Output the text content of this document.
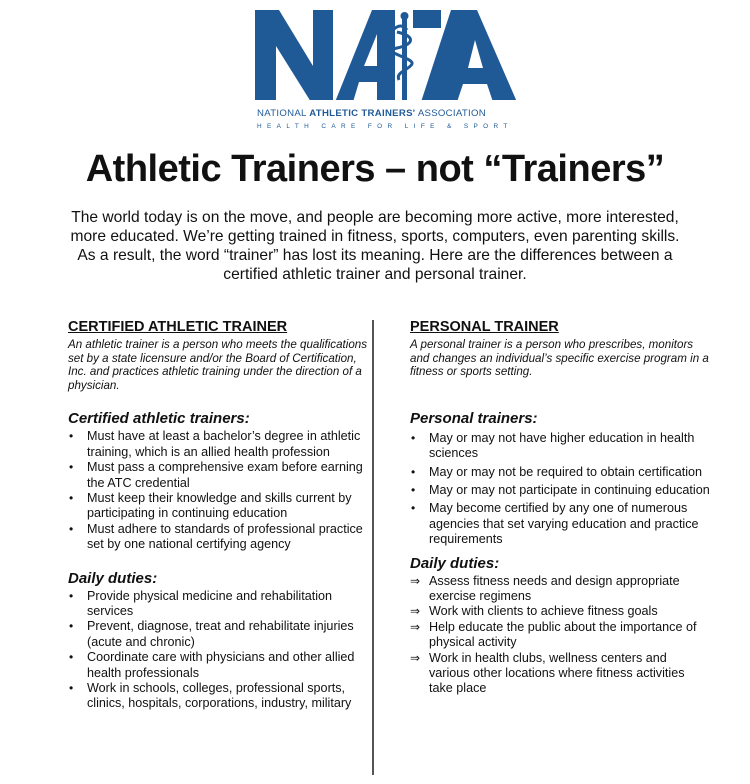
NATIONAL ATHLETIC TRAINERS' ASSOCIATION
HEALTH CARE FOR LIFE & SPORT
Athletic Trainers – not “Trainers”

The world today is on the move, and people are becoming more active, more interested, more educated. We’re getting trained in fitness, sports, computers, even parenting skills. As a result, the word “trainer” has lost its meaning. Here are the differences between a certified athletic trainer and personal trainer.

CERTIFIED ATHLETIC TRAINER

An athletic trainer is a person who meets the qualifications set by a state licensure and/or the Board of Certification, Inc. and practices athletic training under the direction of a physician.

Certified athletic trainers:
• Must have at least a bachelor’s degree in athletic training, which is an allied health profession
• Must pass a comprehensive exam before earning the ATC credential
• Must keep their knowledge and skills current by participating in continuing education
• Must adhere to standards of professional practice set by one national certifying agency
Daily duties:
• Provide physical medicine and rehabilitation services
• Prevent, diagnose, treat and rehabilitate injuries (acute and chronic)
• Coordinate care with physicians and other allied health professionals
• Work in schools, colleges, professional sports, clinics, hospitals, corporations, industry, military
PERSONAL TRAINER

A personal trainer is a person who prescribes, monitors and changes an individual’s specific exercise program in a fitness or sports setting.

Personal trainers:
• May or may not have higher education in health sciences
• May or may not be required to obtain certification
• May or may not participate in continuing education
• May become certified by any one of numerous agencies that set varying education and practice requirements
Daily duties:
⇒ Assess fitness needs and design appropriate exercise regimens
⇒ Work with clients to achieve fitness goals
⇒ Help educate the public about the importance of physical activity
⇒ Work in health clubs, wellness centers and various other locations where fitness activities take place
